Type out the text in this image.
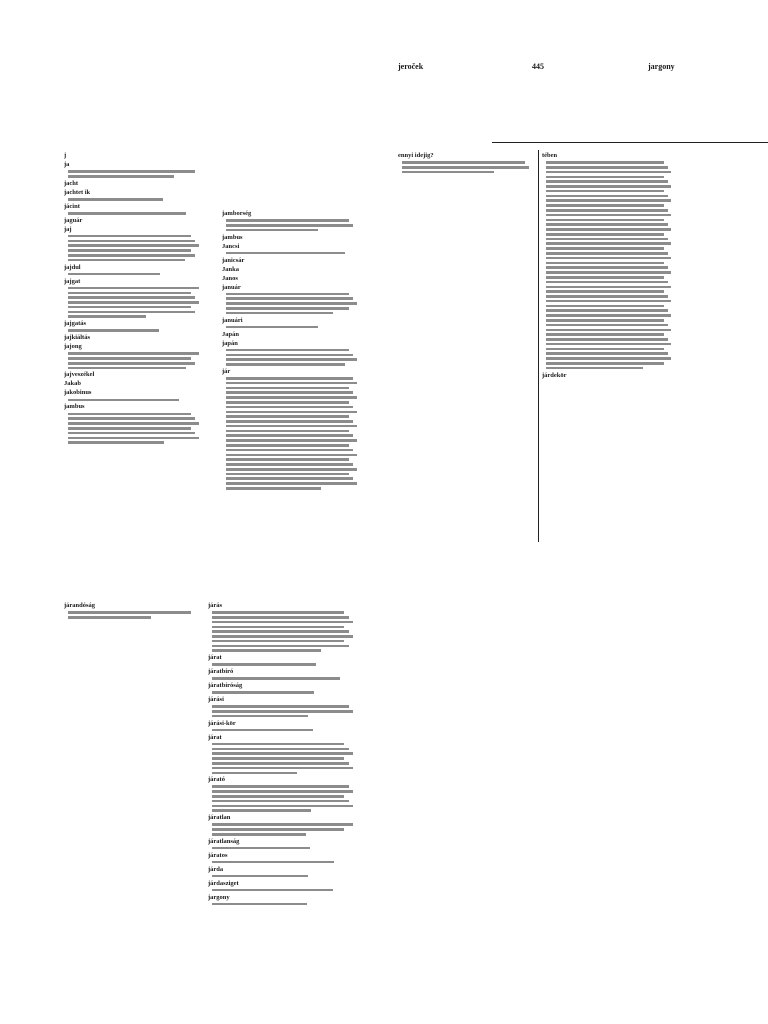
jeroček	445	jargony
j
ja
jacht
jachtet ik
jácint
jaguár
jaj
jajdul
jajgat
jajgatás
jajkiáltás
jajong
jajveszékel
Jakab
jakobinus
jambus
jamborség
jambus
Jancsi
janicsár
Janka
Janos
január
januári
Japán
japán
jár
ennyi idejig?	tében
járdekör
járandóság	járás
járat
járatbíró
járatbíróság
járási
járási-kör
járat
járató
járatlan
járatlanság
járatos
járda
járdasziget
jargony
